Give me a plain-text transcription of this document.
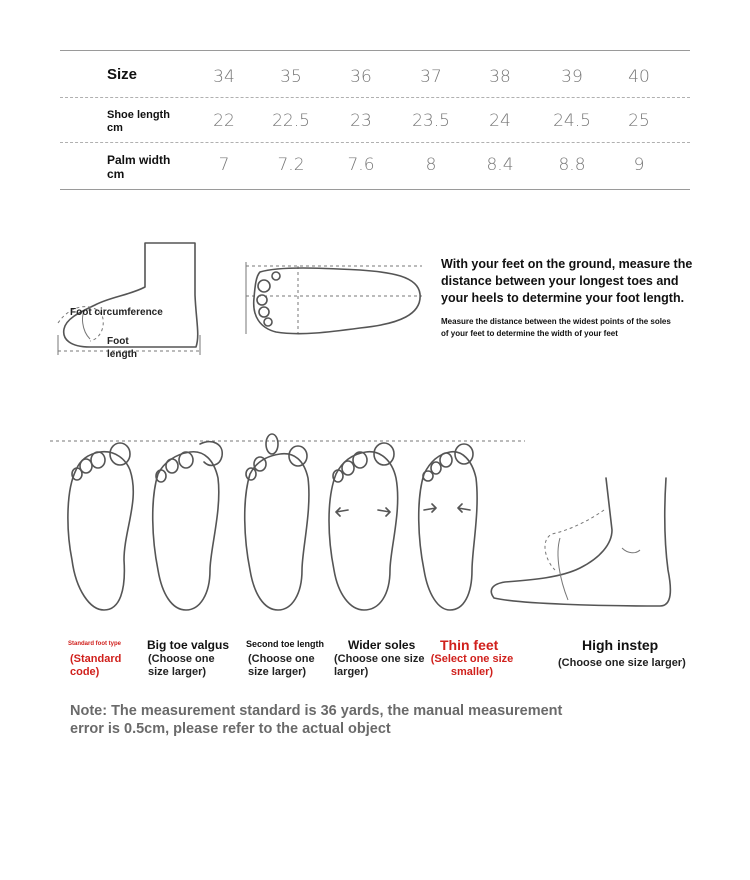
Size	34	35	36	37	38	39	40
Shoe length
cm	22	22.5	23	23.5	24	24.5	25
Palm width
cm	7	7.2	7.6	8	8.4	8.8	9
Foot circumference
Foot
length
With your feet on the ground, measure the
distance between your longest toes and
your heels to determine your foot length.
Measure the distance between the widest points of the soles
of your feet to determine the width of your feet
Standard foot type
(Standard
code)
Big toe valgus
(Choose one
size larger)
Second toe length
(Choose one
size larger)
Wider soles
(Choose one size
larger)
Thin feet
(Select one size
smaller)
High instep
(Choose one size larger)
Note: The measurement standard is 36 yards, the manual measurement
error is 0.5cm, please refer to the actual object
